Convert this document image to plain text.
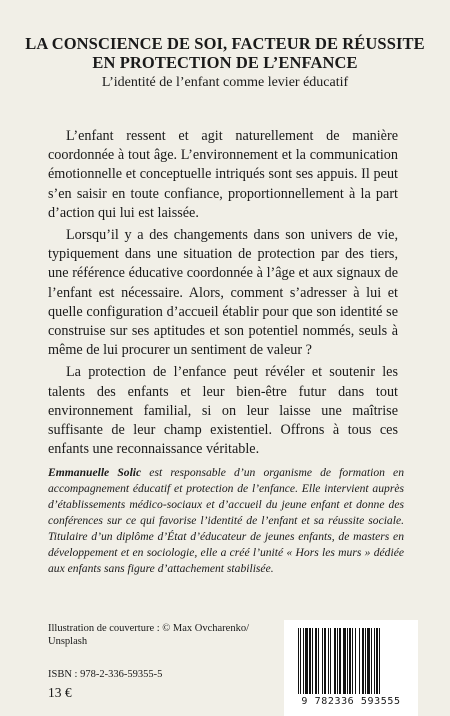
LA CONSCIENCE DE SOI, FACTEUR DE RÉUSSITE
EN PROTECTION DE L’ENFANCE
L’identité de l’enfant comme levier éducatif

L’enfant ressent et agit naturellement de manière coordonnée à tout âge. L’environnement et la communication émotionnelle et conceptuelle intriqués sont ses appuis. Il peut s’en saisir en toute confiance, proportionnellement à la part d’action qui lui est laissée.

Lorsqu’il y a des changements dans son univers de vie, typiquement dans une situation de protection par des tiers, une référence éducative coordonnée à l’âge et aux signaux de l’enfant est nécessaire. Alors, comment s’adresser à lui et quelle configuration d’accueil établir pour que son identité se construise sur ses aptitudes et son potentiel nommés, seuls à même de lui procurer un sentiment de valeur ?

La protection de l’enfance peut révéler et soutenir les talents des enfants et leur bien-être futur dans tout environnement familial, si on leur laisse une maîtrise suffisante de leur champ existentiel. Offrons à tous ces enfants une reconnaissance véritable.

Emmanuelle Solic est responsable d’un organisme de formation en accompagnement éducatif et protection de l’enfance. Elle intervient auprès d’établissements médico-sociaux et d’accueil du jeune enfant et donne des conférences sur ce qui favorise l’identité de l’enfant et sa réussite sociale. Titulaire d’un diplôme d’État d’éducateur de jeunes enfants, de masters en développement et en sociologie, elle a créé l’unité « Hors les murs » dédiée aux enfants sans figure d’attachement stabilisée.
Illustration de couverture : © Max Ovcharenko/ Unsplash
ISBN : 978-2-336-59355-5
13 €
9 782336 593555
